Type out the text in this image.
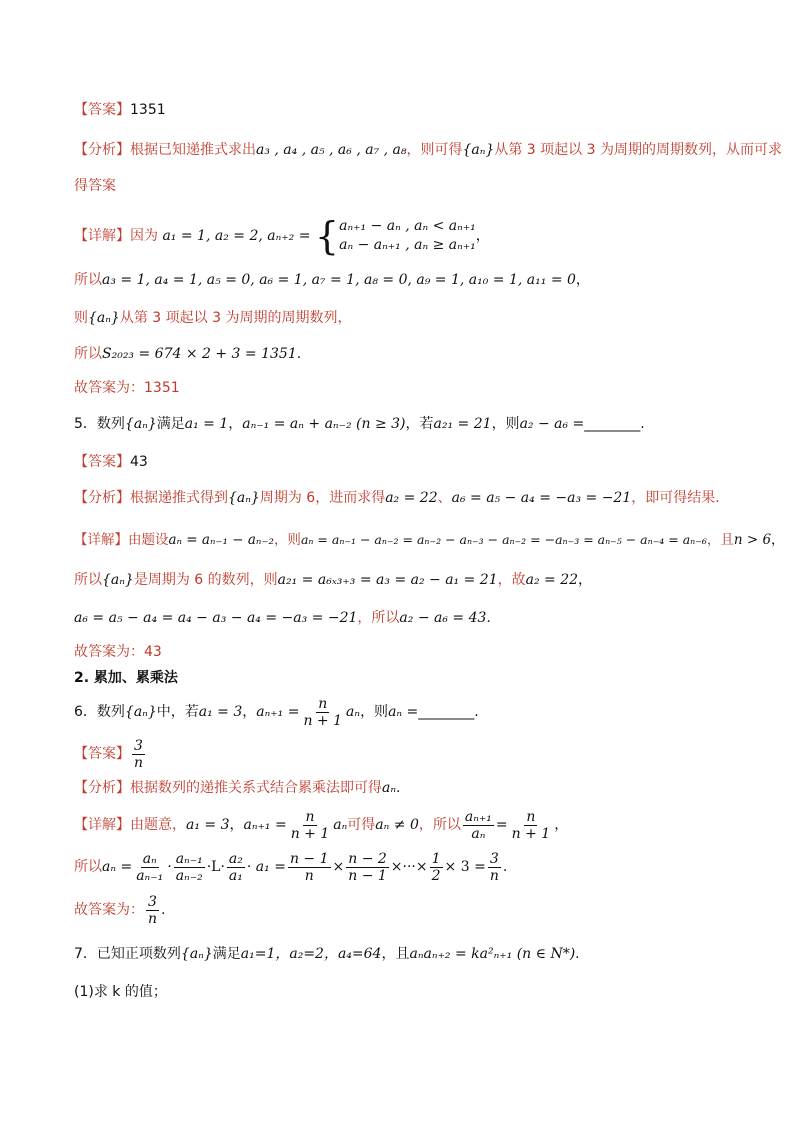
【答案】1351
【分析】根据已知递推式求出a₃ , a₄ , a₅ , a₆ , a₇ , a₈，则可得{aₙ}从第 3 项起以 3 为周期的周期数列，从而可求
得答案
【详解】因为 a₁ = 1, a₂ = 2, aₙ₊₂ = { aₙ₊₁ − aₙ , aₙ < aₙ₊₁
aₙ − aₙ₊₁ , aₙ ≥ aₙ₊₁
，
所以a₃ = 1, a₄ = 1, a₅ = 0, a₆ = 1, a₇ = 1, a₈ = 0, a₉ = 1, a₁₀ = 1, a₁₁ = 0，
则{aₙ}从第 3 项起以 3 为周期的周期数列，
所以S₂₀₂₃ = 674 × 2 + 3 = 1351.
故答案为：1351
5．数列{aₙ}满足a₁ = 1，aₙ₋₁ = aₙ + aₙ₋₂ (n ≥ 3)，若a₂₁ = 21，则a₂ − a₆ =________.
【答案】43
【分析】根据递推式得到{aₙ}周期为 6，进而求得a₂ = 22、a₆ = a₅ − a₄ = −a₃ = −21，即可得结果.
【详解】由题设aₙ = aₙ₋₁ − aₙ₋₂，则aₙ = aₙ₋₁ − aₙ₋₂ = aₙ₋₂ − aₙ₋₃ − aₙ₋₂ = −aₙ₋₃ = aₙ₋₅ − aₙ₋₄ = aₙ₋₆，且n > 6，
所以{aₙ}是周期为 6 的数列，则a₂₁ = a₆ₓ₃₊₃ = a₃ = a₂ − a₁ = 21，故a₂ = 22，
a₆ = a₅ − a₄ = a₄ − a₃ − a₄ = −a₃ = −21，所以a₂ − a₆ = 43.
故答案为：43
2. 累加、累乘法
6．数列{aₙ}中，若a₁ = 3，$a_{n+1} = \frac{n}{n + 1}$ aₙ，则aₙ =________.
【答案】 $\frac{3}{n}$
【分析】根据数列的递推关系式结合累乘法即可得aₙ.
【详解】由题意，a₁ = 3，$a_{n+1} = \frac{n}{n + 1}$ aₙ可得aₙ ≠ 0，所以 $\frac{\text{aₙ₊₁}}{\text{aₙ}} = \frac{n}{n + 1}$ ，
所以$a_n = \frac{\text{aₙ}}{\text{aₙ₋₁}} \cdot \frac{\text{aₙ₋₁}}{\text{aₙ₋₂}} \cdot L\cdot \frac{\text{a₂}}{\text{a₁}} \cdot a_1 = \frac{n - 1}{n} \times \frac{n - 2}{n - 1}$ ×···× $\frac{1}{2} \times 3 = \frac{3}{n}$ .
故答案为： $\frac{3}{n}$ .
7．已知正项数列{aₙ}满足a₁=1，a₂=2，a₄=64，且aₙaₙ₊₂ = ka²ₙ₊₁ (n ∈ N*).
(1)求 k 的值；
